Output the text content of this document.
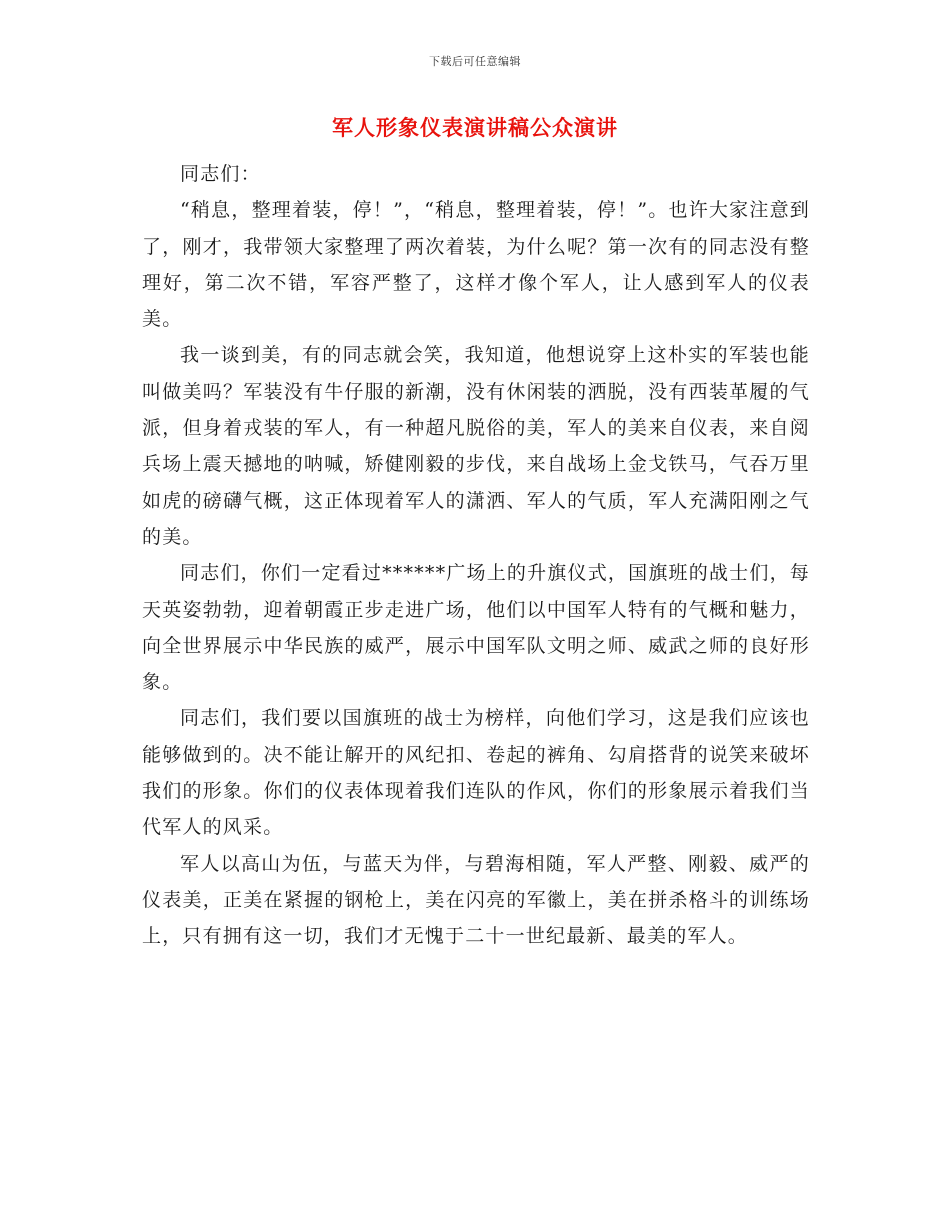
下载后可任意编辑
军人形象仪表演讲稿公众演讲

同志们：

“稍息，整理着装，停！”，“稍息，整理着装，停！”。也许大家注意到了，刚才，我带领大家整理了两次着装，为什么呢？第一次有的同志没有整理好，第二次不错，军容严整了，这样才像个军人，让人感到军人的仪表美。

我一谈到美，有的同志就会笑，我知道，他想说穿上这朴实的军装也能叫做美吗？军装没有牛仔服的新潮，没有休闲装的洒脱，没有西装革履的气派，但身着戎装的军人，有一种超凡脱俗的美，军人的美来自仪表，来自阅兵场上震天撼地的呐喊，矫健刚毅的步伐，来自战场上金戈铁马，气吞万里如虎的磅礴气概，这正体现着军人的潇洒、军人的气质，军人充满阳刚之气的美。

同志们，你们一定看过******广场上的升旗仪式，国旗班的战士们，每天英姿勃勃，迎着朝霞正步走进广场，他们以中国军人特有的气概和魅力，向全世界展示中华民族的威严，展示中国军队文明之师、威武之师的良好形象。

同志们，我们要以国旗班的战士为榜样，向他们学习，这是我们应该也能够做到的。决不能让解开的风纪扣、卷起的裤角、勾肩搭背的说笑来破坏我们的形象。你们的仪表体现着我们连队的作风，你们的形象展示着我们当代军人的风采。

军人以高山为伍，与蓝天为伴，与碧海相随，军人严整、刚毅、威严的仪表美，正美在紧握的钢枪上，美在闪亮的军徽上，美在拼杀格斗的训练场上，只有拥有这一切，我们才无愧于二十一世纪最新、最美的军人。
